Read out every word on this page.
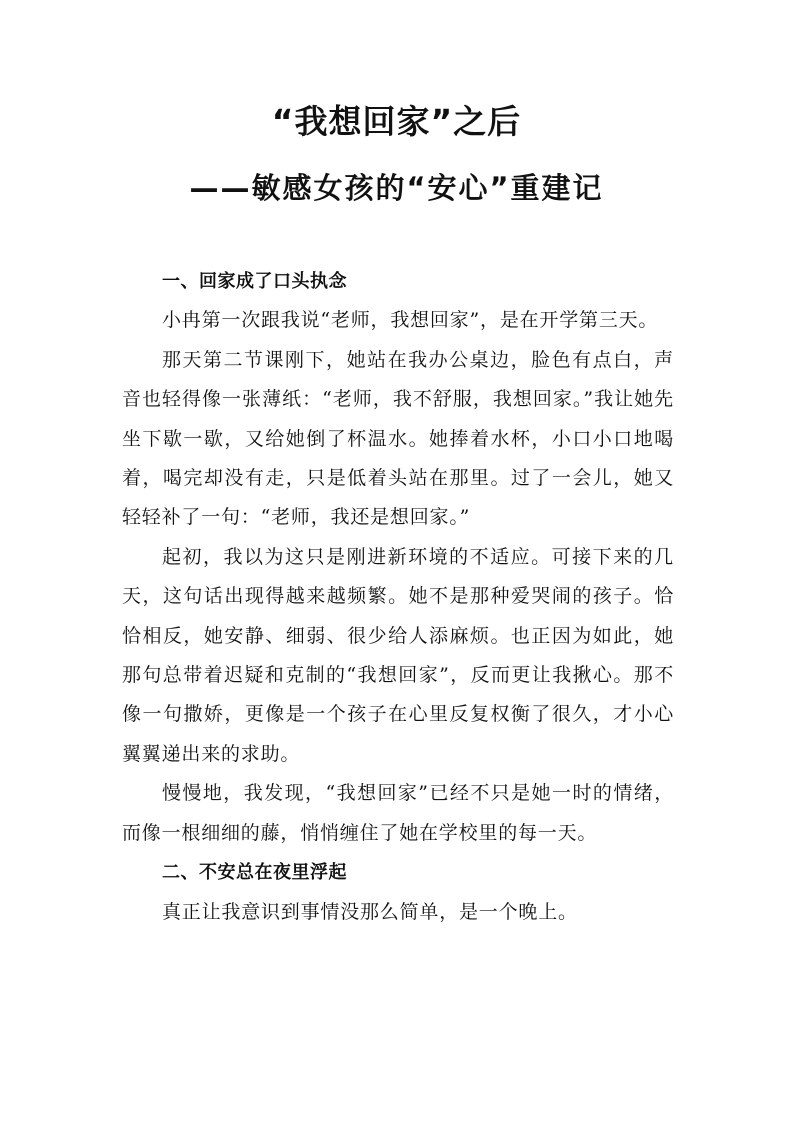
“我想回家”之后
——敏感女孩的“安心”重建记
一、回家成了口头执念

小冉第一次跟我说“老师，我想回家”，是在开学第三天。

那天第二节课刚下，她站在我办公桌边，脸色有点白，声音也轻得像一张薄纸：“老师，我不舒服，我想回家。”我让她先坐下歇一歇，又给她倒了杯温水。她捧着水杯，小口小口地喝着，喝完却没有走，只是低着头站在那里。过了一会儿，她又轻轻补了一句：“老师，我还是想回家。”

起初，我以为这只是刚进新环境的不适应。可接下来的几天，这句话出现得越来越频繁。她不是那种爱哭闹的孩子。恰恰相反，她安静、细弱、很少给人添麻烦。也正因为如此，她那句总带着迟疑和克制的“我想回家”，反而更让我揪心。那不像一句撒娇，更像是一个孩子在心里反复权衡了很久，才小心翼翼递出来的求助。

慢慢地，我发现，“我想回家”已经不只是她一时的情绪，而像一根细细的藤，悄悄缠住了她在学校里的每一天。

二、不安总在夜里浮起

真正让我意识到事情没那么简单，是一个晚上。
